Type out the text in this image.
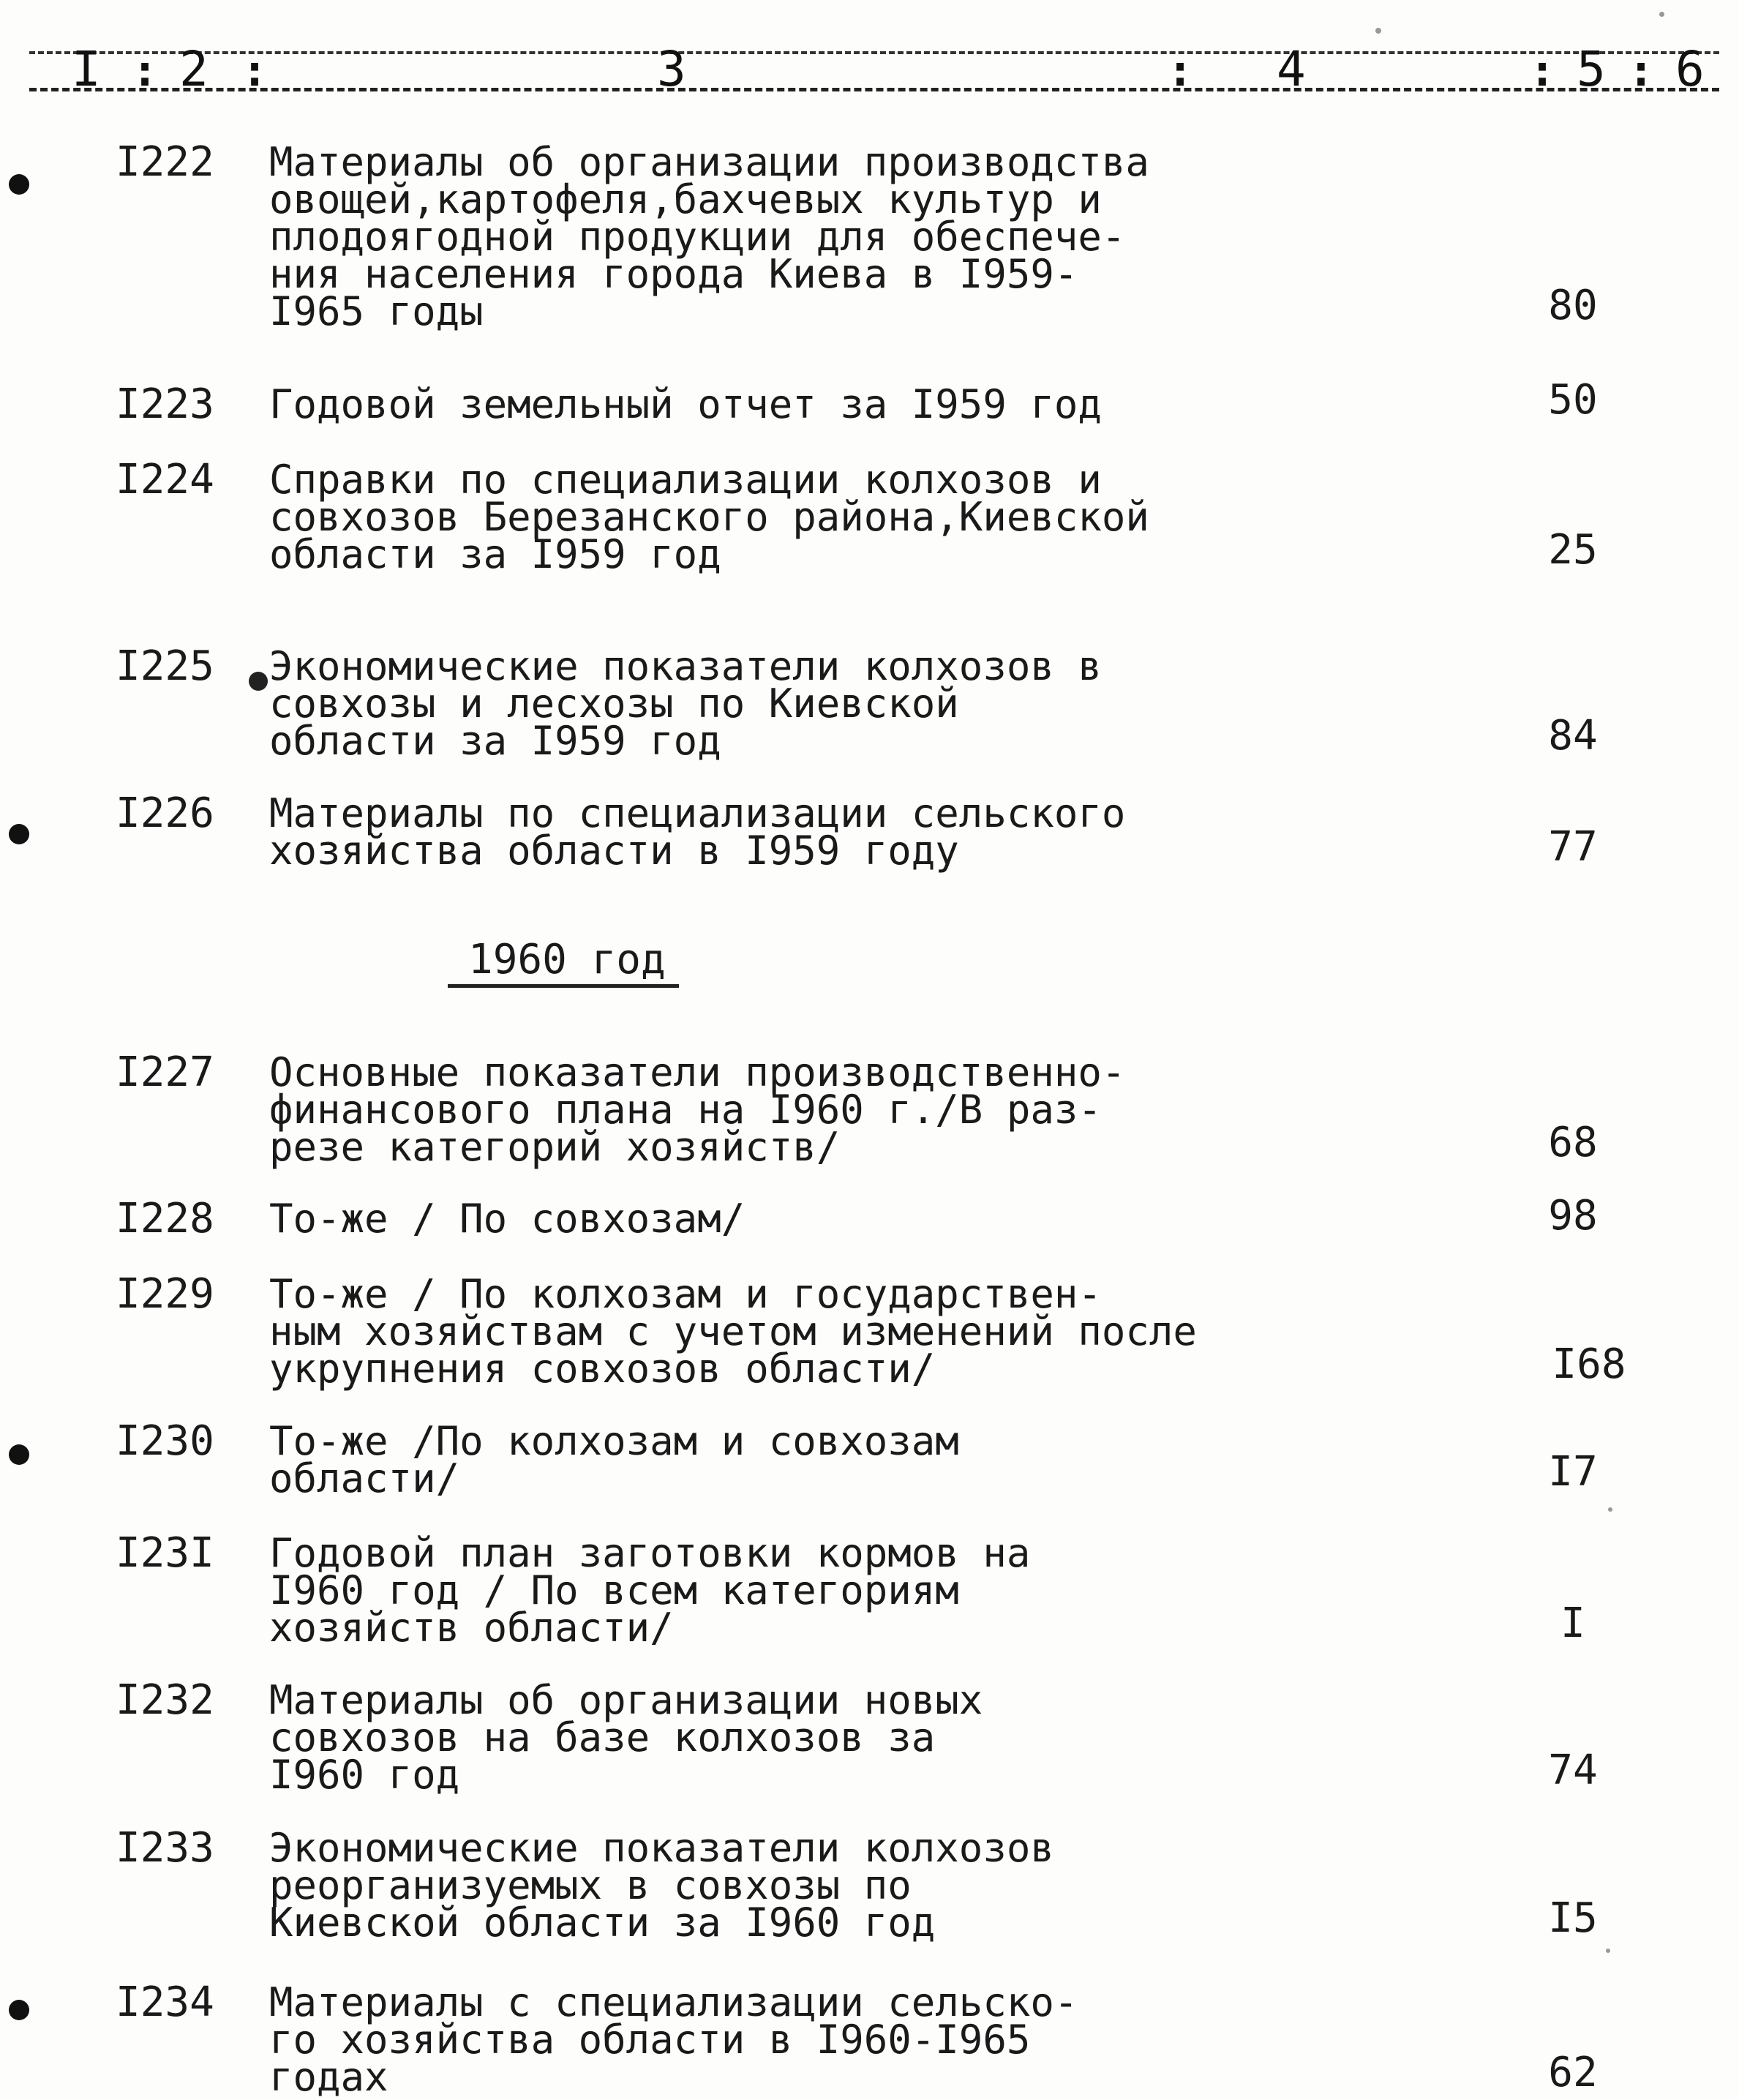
I : 2 :	3	: 4	: 5 : 6
I222 Материалы об организации производства
овощей,картофеля,бахчевых культур и
плодоягодной продукции для обеспече-
ния населения города Киева в I959-
I965 годы	80
I223 Годовой земельный отчет за I959 год	50
I224 Справки по специализации колхозов и
совхозов Березанского района,Киевской
области за I959 год	25
I225 Экономические показатели колхозов в
совхозы и лесхозы по Киевской
области за I959 год	84
I226 Материалы по специализации сельского
хозяйства области в I959 году	77
1960 год
I227 Основные показатели производственно-
финансового плана на I960 г./В раз-
резе категорий хозяйств/	68
I228 То-же / По совхозам/	98
I229 То-же / По колхозам и государствен-
ным хозяйствам с учетом изменений после
укрупнения совхозов области/	I68
I230 То-же /По колхозам и совхозам
области/	I7
I23I Годовой план заготовки кормов на
I960 год / По всем категориям
хозяйств области/	I
I232 Материалы об организации новых
совхозов на базе колхозов за
I960 год	74
I233 Экономические показатели колхозов
реорганизуемых в совхозы по
Киевской области за I960 год	I5
I234 Материалы с специализации сельско-
го хозяйства области в I960-I965
годах	62
